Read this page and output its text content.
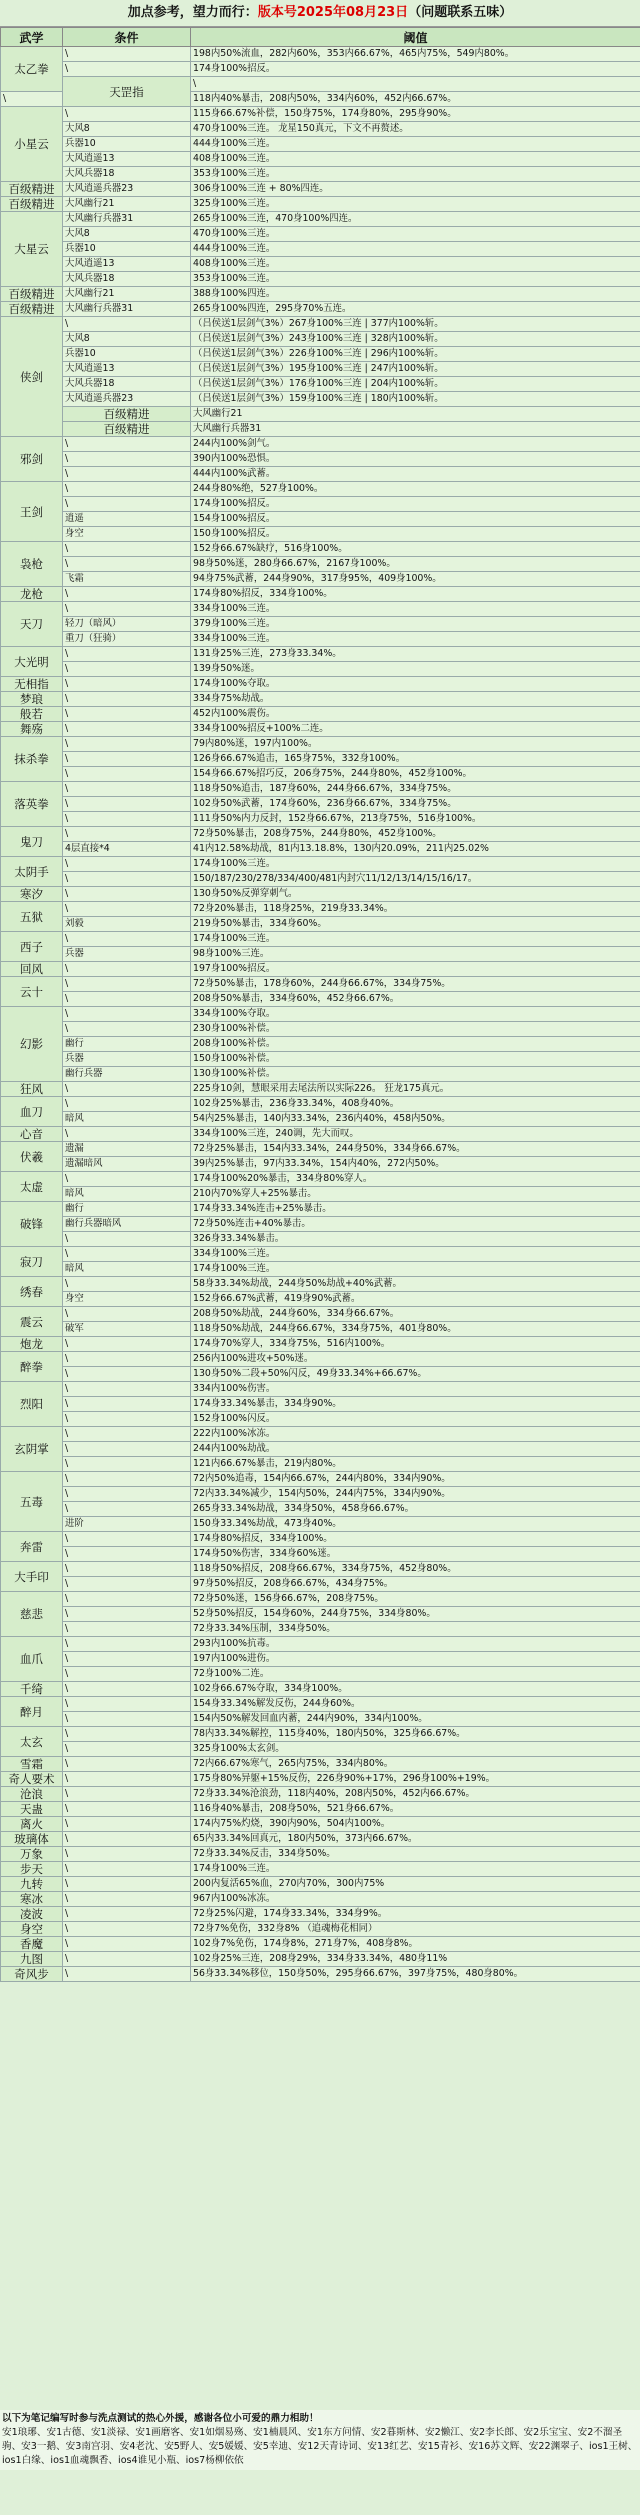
加点参考，望力而行：版本号2025年08月23日（问题联系五味）
武学	条件	阈值	
太乙拳	\	198内50%流血，282内60%，353内66.67%，465内75%，549内80%。	
	\	174身100%招反。	
	天罡指	\	
\		118内40%暴击，208内50%，334内60%，452内66.67%。	
小星云	\	115身66.67%补偿，150身75%，174身80%，295身90%。	
	大风8	470身100%三连。 龙星150真元，下文不再赘述。	
	兵器10	444身100%三连。	
	大风逍遥13	408身100%三连。	
	大风兵器18	353身100%三连。	
百级精进	大风逍遥兵器23	306身100%三连 + 80%四连。	
百级精进	大风幽行21	325身100%三连。	
大星云	大风幽行兵器31	265身100%三连，470身100%四连。	
	大风8	470身100%三连。	
	兵器10	444身100%三连。	
	大风逍遥13	408身100%三连。	
	大风兵器18	353身100%三连。	
百级精进	大风幽行21	388身100%四连。	
百级精进	大风幽行兵器31	265身100%四连，295身70%五连。	
侠剑	\	（吕侯送1层剑气3%）267身100%三连 | 377内100%斩。	
	大风8	（吕侯送1层剑气3%）243身100%三连 | 328内100%斩。	
	兵器10	（吕侯送1层剑气3%）226身100%三连 | 296内100%斩。	
	大风逍遥13	（吕侯送1层剑气3%）195身100%三连 | 247内100%斩。	
	大风兵器18	（吕侯送1层剑气3%）176身100%三连 | 204内100%斩。	
	大风逍遥兵器23	（吕侯送1层剑气3%）159身100%三连 | 180内100%斩。	
	百级精进	大风幽行21	
	百级精进	大风幽行兵器31	
邪剑	\	244内100%剑气。	
	\	390内100%恐惧。	
	\	444内100%武蓄。	
王剑	\	244身80%绝，527身100%。	
	\	174身100%招反。	
	逍遥	154身100%招反。	
	身空	150身100%招反。	
袅枪	\	152身66.67%缺疗，516身100%。	
	\	98身50%迷，280身66.67%，2167身100%。	
	飞霜	94身75%武蓄，244身90%，317身95%，409身100%。	
龙枪	\	174身80%招反，334身100%。	
天刀	\	334身100%三连。	
	轻刀（暗风）	379身100%三连。	
	重刀（狂骑）	334身100%三连。	
大光明	\	131身25%三连，273身33.34%。	
	\	139身50%迷。	
无相指	\	174身100%夺取。	
梦琅	\	334身75%劫战。	
般若	\	452内100%震伤。	
舞殇	\	334身100%招反+100%二连。	
抹杀拳	\	79内80%迷，197内100%。	
	\	126身66.67%追击，165身75%，332身100%。	
	\	154身66.67%招巧反，206身75%，244身80%，452身100%。	
落英拳	\	118身50%追击，187身60%，244身66.67%，334身75%。	
	\	102身50%武蓄，174身60%，236身66.67%，334身75%。	
	\	111身50%内力反封，152身66.67%，213身75%，516身100%。	
鬼刀	\	72身50%暴击，208身75%，244身80%，452身100%。	
	4层直接*4	41内12.58%劫战，81内13.18.8%，130内20.09%，211内25.02%	
太阴手	\	174身100%三连。	
	\	150/187/230/278/334/400/481内封穴11/12/13/14/15/16/17。	
寒汐	\	130身50%反弹穿刺气。	
五狱	\	72身20%暴击，118身25%，219身33.34%。	
	刘毅	219身50%暴击，334身60%。	
西子	\	174身100%三连。	
	兵器	98身100%三连。	
回风	\	197身100%招反。	
云十	\	72身50%暴击，178身60%，244身66.67%，334身75%。	
	\	208身50%暴击，334身60%，452身66.67%。	
幻影	\	334身100%夺取。	
	\	230身100%补偿。	
	幽行	208身100%补偿。	
	兵器	150身100%补偿。	
	幽行兵器	130身100%补偿。	
狂风	\	225身10剑，慧眼采用去尾法所以实际226。 狂龙175真元。	
血刀	\	102身25%暴击，236身33.34%，408身40%。	
	暗风	54内25%暴击，140内33.34%，236内40%，458内50%。	
心音	\	334身100%三连，240调，先大而叹。	
伏羲	遗漏	72身25%暴击，154内33.34%，244身50%，334身66.67%。	
	遗漏暗风	39内25%暴击，97内33.34%，154内40%，272内50%。	
太虚	\	174身100%20%暴击，334身80%穿人。	
	暗风	210内70%穿人+25%暴击。	
破锋	幽行	174身33.34%连击+25%暴击。	
	幽行兵器暗风	72身50%连击+40%暴击。	
	\	326身33.34%暴击。	
寂刀	\	334身100%三连。	
	暗风	174身100%三连。	
绣春	\	58身33.34%劫战，244身50%劫战+40%武蓄。	
	身空	152身66.67%武蓄，419身90%武蓄。	
震云	\	208身50%劫战，244身60%，334身66.67%。	
	破军	118身50%劫战，244身66.67%，334身75%，401身80%。	
炮龙	\	174身70%穿人，334身75%，516内100%。	
醉拳	\	256内100%进攻+50%迷。	
	\	130身50%二段+50%闪反，49身33.34%+66.67%。	
烈阳	\	334内100%伤害。	
	\	174身33.34%暴击，334身90%。	
	\	152身100%闪反。	
玄阴掌	\	222内100%冰冻。	
	\	244内100%劫战。	
	\	121内66.67%暴击，219内80%。	
五毒	\	72内50%追毒，154内66.67%，244内80%，334内90%。	
	\	72内33.34%减少，154内50%，244内75%，334内90%。	
	\	265身33.34%劫战，334身50%，458身66.67%。	
	进阶	150身33.34%劫战，473身40%。	
奔雷	\	174身80%招反，334身100%。	
	\	174身50%伤害，334身60%迷。	
大手印	\	118身50%招反，208身66.67%，334身75%，452身80%。	
	\	97身50%招反，208身66.67%，434身75%。	
慈悲	\	72身50%迷，156身66.67%，208身75%。	
	\	52身50%招反，154身60%，244身75%，334身80%。	
	\	72身33.34%压制，334身50%。	
血爪	\	293内100%抗毒。	
	\	197内100%进伤。	
	\	72身100%二连。	
千绮	\	102身66.67%夺取，334身100%。	
醉月	\	154身33.34%解发反伤，244身60%。	
	\	154内50%解发回血内蓄，244内90%，334内100%。	
太玄	\	78内33.34%解控，115身40%，180内50%，325身66.67%。	
	\	325身100%太玄剑。	
雪霜	\	72内66.67%寒气，265内75%，334内80%。	
奇人要术	\	175身80%异躯+15%反伤，226身90%+17%，296身100%+19%。	
沧浪	\	72身33.34%沧浪劲，118内40%，208内50%，452内66.67%。	
天蛊	\	116身40%暴击，208身50%，521身66.67%。	
离火	\	174内75%灼烧，390内90%，504内100%。	
玻璃体	\	65内33.34%回真元，180内50%，373内66.67%。	
万象	\	72身33.34%反击，334身50%。	
步天	\	174身100%三连。	
九转	\	200内复活65%血，270内70%，300内75%	
寒冰	\	967内100%冰冻。	
凌波	\	72身25%闪避，174身33.34%，334身9%。	
身空	\	72身7%免伤，332身8% （追魂梅花相同）	
香魔	\	102身7%免伤，174身8%，271身7%，408身8%。	
九图	\	102身25%三连，208身29%，334身33.34%，480身11%	
奇风步	\	56身33.34%移位，150身50%，295身66.67%，397身75%，480身80%。	
以下为笔记编写时参与洗点测试的热心外援，感谢各位小可爱的鼎力相助！
安1琅琊、安1古德、安1淡禄、安1画磨客、安1如烟易殇、安1楠晨风、安1东方问情、安2暮斯林、安2懒江、安2李长郎、安2乐宝宝、安2不溜圣驹、安3一鹅、安3南宫羽、安4老沈、安5野人、安5媛媛、安5幸迪、安12天青诗词、安13红艺、安15青衫、安16苏文辉、安22渊翠子、ios1王树、ios1白缘、ios1血魂飘香、ios4谁见小瓶、ios7杨柳依依
